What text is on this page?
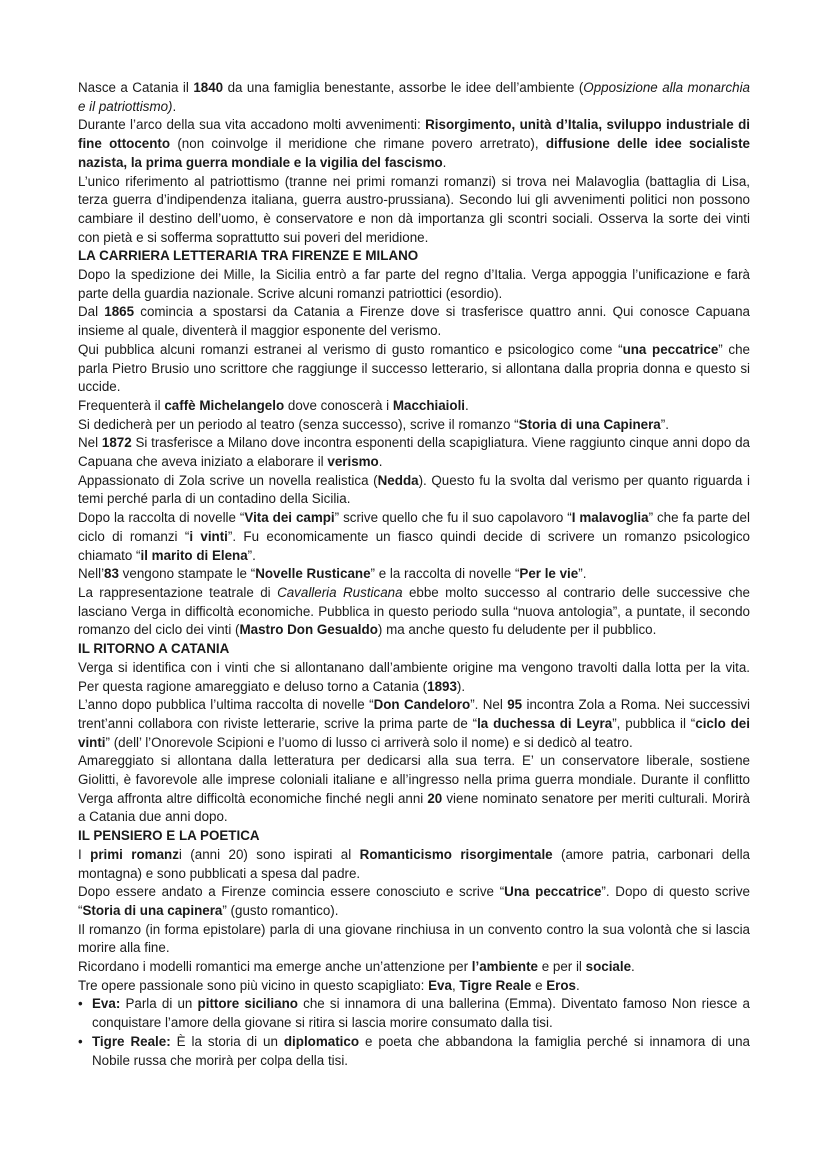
Nasce a Catania il 1840 da una famiglia benestante, assorbe le idee dell’ambiente (Opposizione alla monarchia e il patriottismo).

Durante l’arco della sua vita accadono molti avvenimenti: Risorgimento, unità d’Italia, sviluppo industriale di fine ottocento (non coinvolge il meridione che rimane povero arretrato), diffusione delle idee socialiste nazista, la prima guerra mondiale e la vigilia del fascismo.

L’unico riferimento al patriottismo (tranne nei primi romanzi romanzi) si trova nei Malavoglia (battaglia di Lisa, terza guerra d’indipendenza italiana, guerra austro-prussiana). Secondo lui gli avvenimenti politici non possono cambiare il destino dell’uomo, è conservatore e non dà importanza gli scontri sociali. Osserva la sorte dei vinti con pietà e si sofferma soprattutto sui poveri del meridione.

LA CARRIERA LETTERARIA TRA FIRENZE E MILANO

Dopo la spedizione dei Mille, la Sicilia entrò a far parte del regno d’Italia. Verga appoggia l’unificazione e farà parte della guardia nazionale. Scrive alcuni romanzi patriottici (esordio).

Dal 1865 comincia a spostarsi da Catania a Firenze dove si trasferisce quattro anni. Qui conosce Capuana insieme al quale, diventerà il maggior esponente del verismo.

Qui pubblica alcuni romanzi estranei al verismo di gusto romantico e psicologico come “una peccatrice” che parla Pietro Brusio uno scrittore che raggiunge il successo letterario, si allontana dalla propria donna e questo si uccide.

Frequenterà il caffè Michelangelo dove conoscerà i Macchiaioli.

Si dedicherà per un periodo al teatro (senza successo), scrive il romanzo “Storia di una Capinera”.

Nel 1872 Si trasferisce a Milano dove incontra esponenti della scapigliatura. Viene raggiunto cinque anni dopo da Capuana che aveva iniziato a elaborare il verismo.

Appassionato di Zola scrive un novella realistica (Nedda). Questo fu la svolta dal verismo per quanto riguarda i temi perché parla di un contadino della Sicilia.

Dopo la raccolta di novelle “Vita dei campi” scrive quello che fu il suo capolavoro “I malavoglia” che fa parte del ciclo di romanzi “i vinti”. Fu economicamente un fiasco quindi decide di scrivere un romanzo psicologico chiamato “il marito di Elena”.

Nell’83 vengono stampate le “Novelle Rusticane” e la raccolta di novelle “Per le vie”.

La rappresentazione teatrale di Cavalleria Rusticana ebbe molto successo al contrario delle successive che lasciano Verga in difficoltà economiche. Pubblica in questo periodo sulla “nuova antologia”, a puntate, il secondo romanzo del ciclo dei vinti (Mastro Don Gesualdo) ma anche questo fu deludente per il pubblico.

IL RITORNO A CATANIA

Verga si identifica con i vinti che si allontanano dall’ambiente origine ma vengono travolti dalla lotta per la vita. Per questa ragione amareggiato e deluso torno a Catania (1893).

L’anno dopo pubblica l’ultima raccolta di novelle “Don Candeloro”. Nel 95 incontra Zola a Roma. Nei successivi trent’anni collabora con riviste letterarie, scrive la prima parte de “la duchessa di Leyra”, pubblica il “ciclo dei vinti” (dell’ l’Onorevole Scipioni e l’uomo di lusso ci arriverà solo il nome) e si dedicò al teatro.

Amareggiato si allontana dalla letteratura per dedicarsi alla sua terra. E’ un conservatore liberale, sostiene Giolitti, è favorevole alle imprese coloniali italiane e all’ingresso nella prima guerra mondiale. Durante il conflitto Verga affronta altre difficoltà economiche finché negli anni 20 viene nominato senatore per meriti culturali. Morirà a Catania due anni dopo.

IL PENSIERO E LA POETICA

I primi romanzi (anni 20) sono ispirati al Romanticismo risorgimentale (amore patria, carbonari della montagna) e sono pubblicati a spesa dal padre.

Dopo essere andato a Firenze comincia essere conosciuto e scrive “Una peccatrice”. Dopo di questo scrive “Storia di una capinera” (gusto romantico).

Il romanzo (in forma epistolare) parla di una giovane rinchiusa in un convento contro la sua volontà che si lascia morire alla fine.

Ricordano i modelli romantici ma emerge anche un’attenzione per l’ambiente e per il sociale.

Tre opere passionale sono più vicino in questo scapigliato: Eva, Tigre Reale e Eros.

• Eva: Parla di un pittore siciliano che si innamora di una ballerina (Emma). Diventato famoso Non riesce a conquistare l’amore della giovane si ritira si lascia morire consumato dalla tisi.
• Tigre Reale: È la storia di un diplomatico e poeta che abbandona la famiglia perché si innamora di una Nobile russa che morirà per colpa della tisi.
